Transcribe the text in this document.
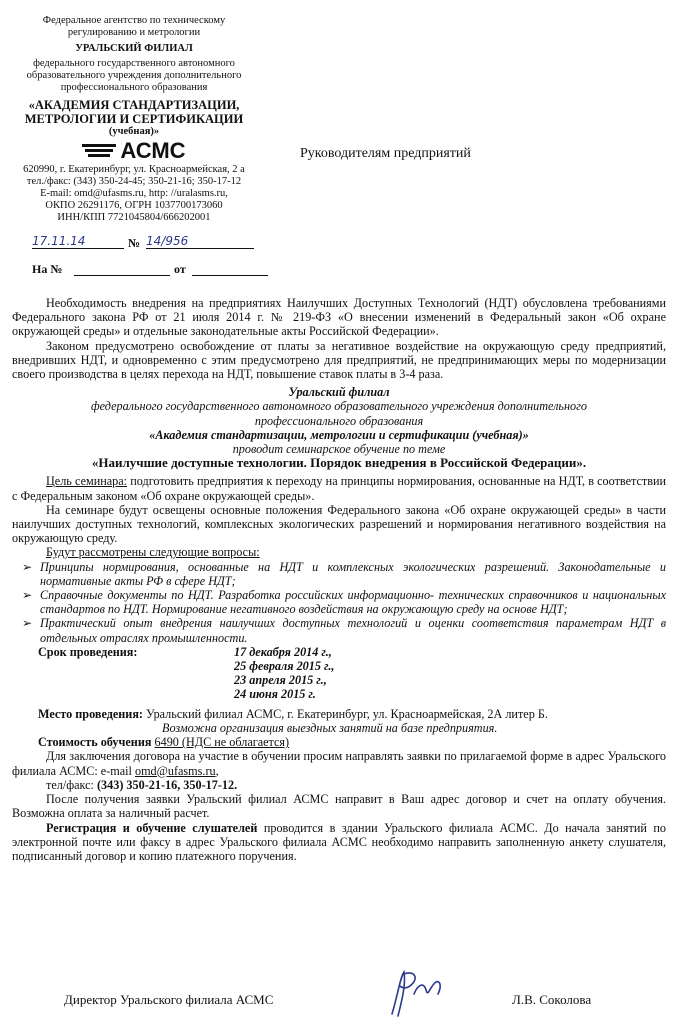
Федеральное агентство по техническому
регулированию и метрологии
УРАЛЬСКИЙ ФИЛИАЛ
федерального государственного автономного
образовательного учреждения дополнительного
профессионального образования
«АКАДЕМИЯ СТАНДАРТИЗАЦИИ,
МЕТРОЛОГИИ И СЕРТИФИКАЦИИ
(учебная)»
АСМС
620990, г. Екатеринбург, ул. Красноармейская, 2 а
тел./факс: (343) 350-24-45; 350-21-16; 350-17-12
E-mail: omd@ufasms.ru, http: //uralasms.ru,
ОКПО 26291176, ОГРН 1037700173060
ИНН/КПП 7721045804/666202001
17.11.14	№ 14/956
На №	от
Руководителям предприятий
Необходимость внедрения на предприятиях Наилучших Доступных Технологий (НДТ) обусловлена требованиями Федерального закона РФ от 21 июля 2014 г. № 219-ФЗ «О внесении изменений в Федеральный закон «Об охране окружающей среды» и отдельные законодательные акты Российской Федерации».
Законом предусмотрено освобождение от платы за негативное воздействие на окружающую среду предприятий, внедривших НДТ, и одновременно с этим предусмотрено для предприятий, не предпринимающих меры по модернизации своего производства в целях перехода на НДТ, повышение ставок платы в 3-4 раза.
Уральский филиал
федерального государственного автономного образовательного учреждения дополнительного профессионального образования
«Академия стандартизации, метрологии и сертификации (учебная)»
проводит семинарское обучение по теме
«Наилучшие доступные технологии. Порядок внедрения в Российской Федерации».
Цель семинара: подготовить предприятия к переходу на принципы нормирования, основанные на НДТ, в соответствии с Федеральным законом «Об охране окружающей среды».
На семинаре будут освещены основные положения Федерального закона «Об охране окружающей среды» в части наилучших доступных технологий, комплексных экологических разрешений и нормирования негативного воздействия на окружающую среду.
Будут рассмотрены следующие вопросы:
➢ Принципы нормирования, основанные на НДТ и комплексных экологических разрешений. Законодательные и нормативные акты РФ в сфере НДТ;
➢ Справочные документы по НДТ. Разработка российских информационно- технических справочников и национальных стандартов по НДТ. Нормирование негативного воздействия на окружающую среду на основе НДТ;
➢ Практический опыт внедрения наилучших доступных технологий и оценки соответствия параметрам НДТ в отдельных отраслях промышленности.
Срок проведения:	17 декабря 2014 г.,
25 февраля 2015 г.,
23 апреля 2015 г.,
24 июня 2015 г.
Место проведения: Уральский филиал АСМС, г. Екатеринбург, ул. Красноармейская, 2А литер Б.
Возможна организация выездных занятий на базе предприятия.
Стоимость обучения 6490 (НДС не облагается)
Для заключения договора на участие в обучении просим направлять заявки по прилагаемой форме в адрес Уральского филиала АСМС: e-mail omd@ufasms.ru,
тел/факс: (343) 350-21-16, 350-17-12.
После получения заявки Уральский филиал АСМС направит в Ваш адрес договор и счет на оплату обучения. Возможна оплата за наличный расчет.
Регистрация и обучение слушателей проводится в здании Уральского филиала АСМС. До начала занятий по электронной почте или факсу в адрес Уральского филиала АСМС необходимо направить заполненную анкету слушателя, подписанный договор и копию платежного поручения.
Директор Уральского филиала АСМС	Л.В. Соколова
